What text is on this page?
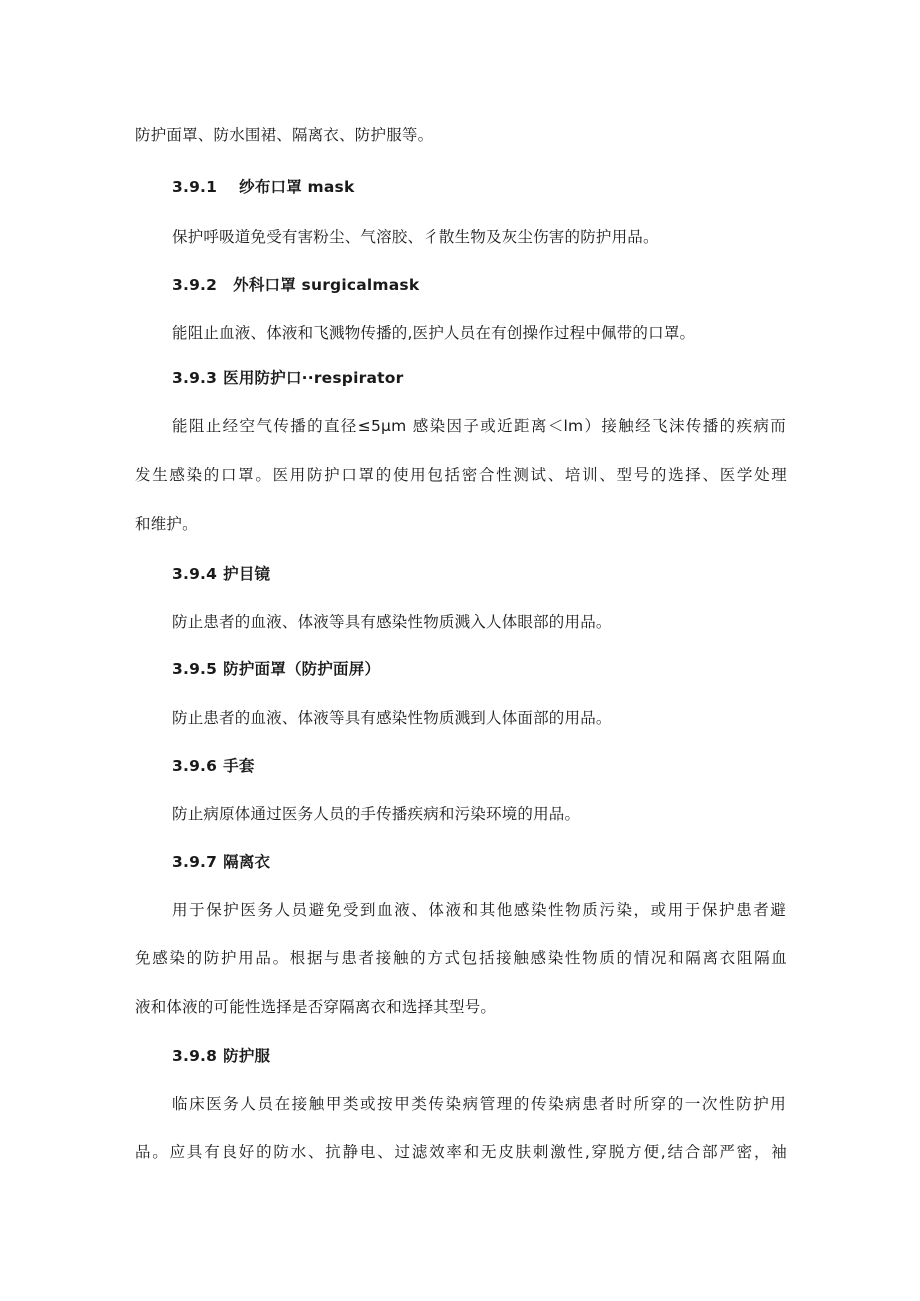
防护面罩、防水围裙、隔离衣、防护服等。
3.9.1 纱布口罩 mask
保护呼吸道免受有害粉尘、气溶胶、彳散生物及灰尘伤害的防护用品。
3.9.2 外科口罩 surgicalmask
能阻止血液、体液和飞溅物传播的,医护人员在有创操作过程中佩带的口罩。
3.9.3 医用防护口··respirator
能阻止经空气传播的直径≤5μm 感染因子或近距离＜lm）接触经飞沫传播的疾病而
发生感染的口罩。医用防护口罩的使用包括密合性测试、培训、型号的选择、医学处理
和维护。
3.9.4 护目镜
防止患者的血液、体液等具有感染性物质溅入人体眼部的用品。
3.9.5 防护面罩（防护面屏）
防止患者的血液、体液等具有感染性物质溅到人体面部的用品。
3.9.6 手套
防止病原体通过医务人员的手传播疾病和污染环境的用品。
3.9.7 隔离衣
用于保护医务人员避免受到血液、体液和其他感染性物质污染，或用于保护患者避
免感染的防护用品。根据与患者接触的方式包括接触感染性物质的情况和隔离衣阻隔血
液和体液的可能性选择是否穿隔离衣和选择其型号。
3.9.8 防护服
临床医务人员在接触甲类或按甲类传染病管理的传染病患者时所穿的一次性防护用
品。应具有良好的防水、抗静电、过滤效率和无皮肤刺激性,穿脱方便,结合部严密，袖
